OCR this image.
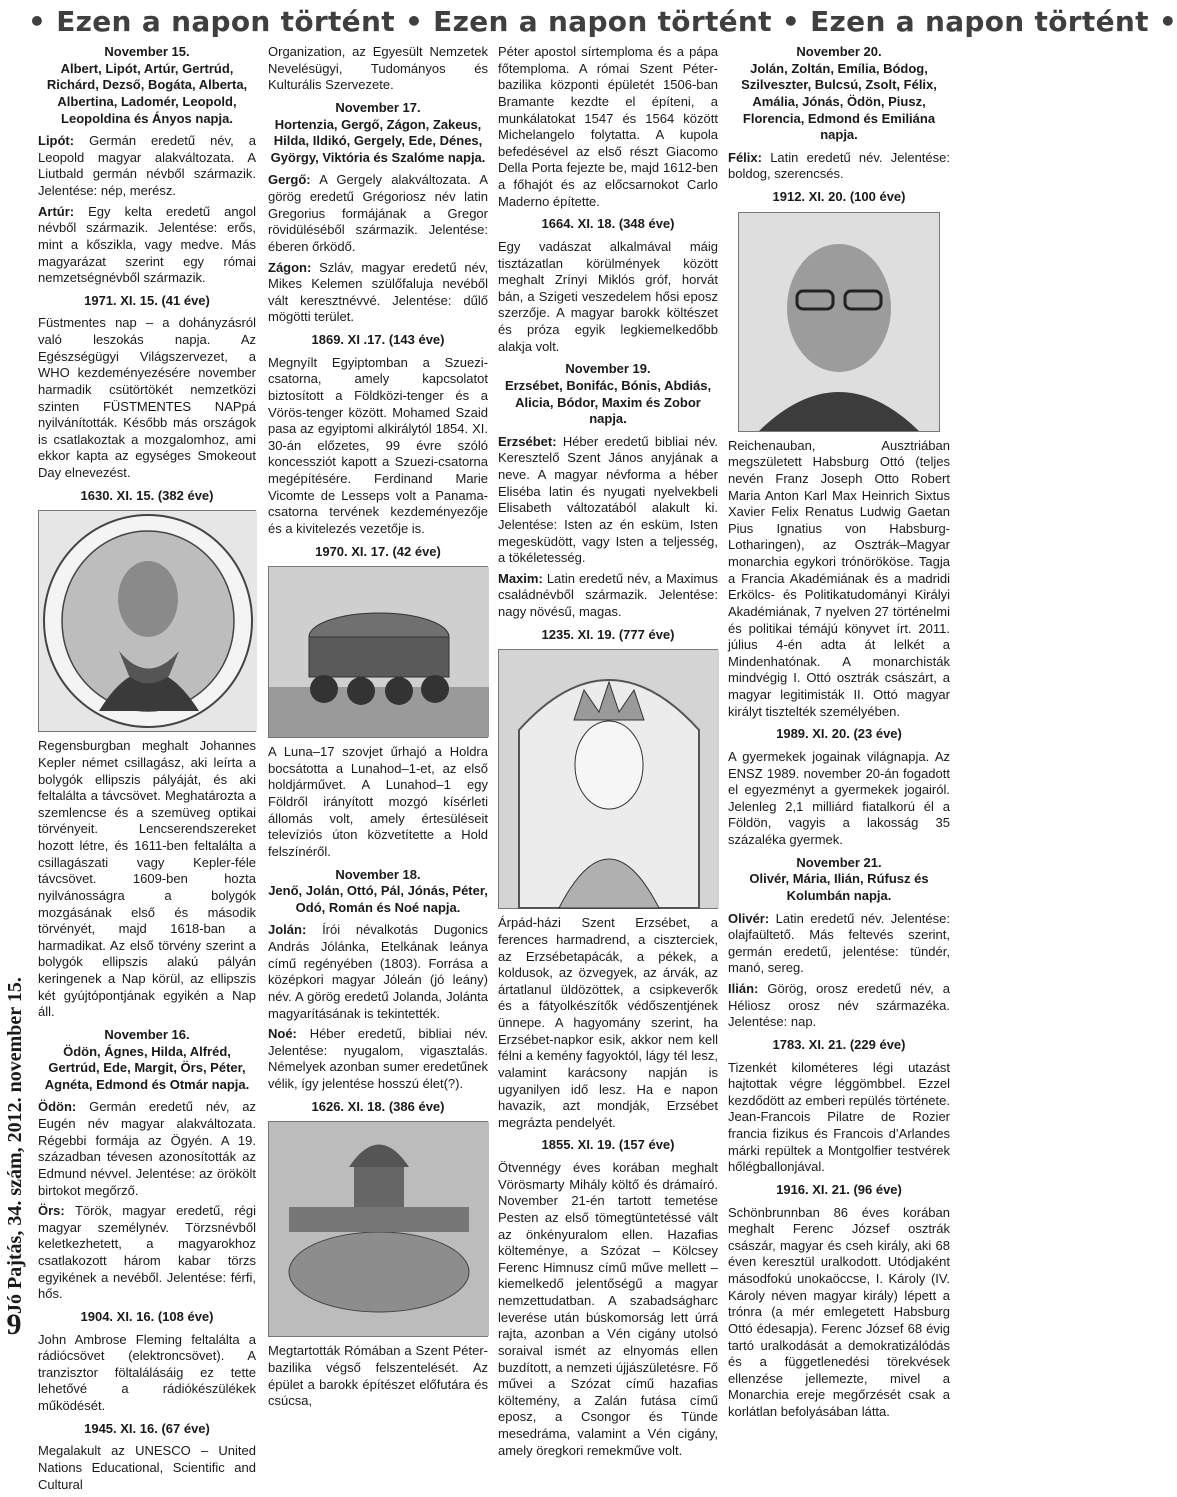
• Ezen a napon történt • Ezen a napon történt • Ezen a napon történt •
Jó Pajtás, 34. szám, 2012. november 15.
9
November 15.
Albert, Lipót, Artúr, Gertrúd, Richárd, Dezső, Bogáta, Alberta, Albertina, Ladomér, Leopold, Leopoldina és Ányos napja.

Lipót: Germán eredetű név, a Leopold magyar alakváltozata. A Liutbald germán névből származik. Jelentése: nép, merész.

Artúr: Egy kelta eredetű angol névből származik. Jelentése: erős, mint a kőszikla, vagy medve. Más magyarázat szerint egy római nemzetségnévből származik.

1971. XI. 15. (41 éve)

Füstmentes nap – a dohányzásról való leszokás napja. Az Egészségügyi Világszervezet, a WHO kezdeményezésére november harmadik csütörtökét nemzetközi szinten FÜSTMENTES NAPpá nyilvánították. Később más országok is csatlakoztak a mozgalomhoz, ami ekkor kapta az egységes Smokeout Day elnevezést.

1630. XI. 15. (382 éve)

Regensburgban meghalt Johannes Kepler német csillagász, aki leírta a bolygók ellipszis pályáját, és aki feltalálta a távcsövet. Meghatározta a szemlencse és a szemüveg optikai törvényeit. Lencserendszereket hozott létre, és 1611-ben feltalálta a csillagászati vagy Kepler-féle távcsövet. 1609-ben hozta nyilvánosságra a bolygók mozgásának első és második törvényét, majd 1618-ban a harmadikat. Az első törvény szerint a bolygók ellipszis alakú pályán keringenek a Nap körül, az ellipszis két gyújtópontjának egyikén a Nap áll.

November 16.
Ödön, Ágnes, Hilda, Alfréd, Gertrúd, Ede, Margit, Örs, Péter, Agnéta, Edmond és Otmár napja.

Ödön: Germán eredetű név, az Eugén név magyar alakváltozata. Régebbi formája az Ögyén. A 19. században tévesen azonosították az Edmund névvel. Jelentése: az örökölt birtokot megőrző.

Örs: Török, magyar eredetű, régi magyar személynév. Törzsnévből keletkezhetett, a magyarokhoz csatlakozott három kabar törzs egyikének a nevéből. Jelentése: férfi, hős.

1904. XI. 16. (108 éve)

John Ambrose Fleming feltalálta a rádiócsövet (elektroncsövet). A tranzisztor föltalálásáig ez tette lehetővé a rádiókészülékek működését.

1945. XI. 16. (67 éve)

Megalakult az UNESCO – United Nations Educational, Scientific and Cultural

Organization, az Egyesült Nemzetek Nevelésügyi, Tudományos és Kulturális Szervezete.

November 17.
Hortenzia, Gergő, Zágon, Zakeus, Hilda, Ildikó, Gergely, Ede, Dénes, György, Viktória és Szalóme napja.

Gergő: A Gergely alakváltozata. A görög eredetű Grégoriosz név latin Gregorius formájának a Gregor rövidüléséből származik. Jelentése: éberen őrködő.

Zágon: Szláv, magyar eredetű név, Mikes Kelemen szülőfaluja nevéből vált keresztnévvé. Jelentése: dűlő mögötti terület.

1869. XI .17. (143 éve)

Megnyílt Egyiptomban a Szuezi-csatorna, amely kapcsolatot biztosított a Földközi-tenger és a Vörös-tenger között. Mohamed Szaid pasa az egyiptomi alkirálytól 1854. XI. 30-án előzetes, 99 évre szóló koncessziót kapott a Szuezi-csatorna megépítésére. Ferdinand Marie Vicomte de Lesseps volt a Panama-csatorna tervének kezdeményezője és a kivitelezés vezetője is.

1970. XI. 17. (42 éve)

A Luna–17 szovjet űrhajó a Holdra bocsátotta a Lunahod–1-et, az első holdjárművet. A Lunahod–1 egy Földről irányított mozgó kísérleti állomás volt, amely értesüléseit televíziós úton közvetítette a Hold felszínéről.

November 18.
Jenő, Jolán, Ottó, Pál, Jónás, Péter, Odó, Román és Noé napja.

Jolán: Írói névalkotás Dugonics András Jólánka, Etelkának leánya című regényében (1803). Forrása a középkori magyar Jóleán (jó leány) név. A görög eredetű Jolanda, Jolánta magyarításának is tekintették.

Noé: Héber eredetű, bibliai név. Jelentése: nyugalom, vigasztalás. Némelyek azonban sumer eredetűnek vélik, így jelentése hosszú élet(?).

1626. XI. 18. (386 éve)

Megtartották Rómában a Szent Péter-bazilika végső felszentelését. Az épület a barokk építészet előfutára és csúcsa,

Péter apostol sírtemploma és a pápa főtemploma. A római Szent Péter-bazilika központi épületét 1506-ban Bramante kezdte el építeni, a munkálatokat 1547 és 1564 között Michelangelo folytatta. A kupola befedésével az első részt Giacomo Della Porta fejezte be, majd 1612-ben a főhajót és az előcsarnokot Carlo Maderno építette.

1664. XI. 18. (348 éve)

Egy vadászat alkalmával máig tisztázatlan körülmények között meghalt Zrínyi Miklós gróf, horvát bán, a Szigeti veszedelem hősi eposz szerzője. A magyar barokk költészet és próza egyik legkiemelkedőbb alakja volt.

November 19.
Erzsébet, Bonifác, Bónis, Abdiás, Alicia, Bódor, Maxim és Zobor napja.

Erzsébet: Héber eredetű bibliai név. Keresztelő Szent János anyjának a neve. A magyar névforma a héber Eliséba latin és nyugati nyelvekbeli Elisabeth változatából alakult ki. Jelentése: Isten az én esküm, Isten megesküdött, vagy Isten a teljesség, a tökéletesség.

Maxim: Latin eredetű név, a Maximus családnévből származik. Jelentése: nagy növésű, magas.

1235. XI. 19. (777 éve)

Árpád-házi Szent Erzsébet, a ferences harmadrend, a ciszterciek, az Erzsébetapácák, a pékek, a koldusok, az özvegyek, az árvák, az ártatlanul üldözöttek, a csipkeverők és a fátyolkészítők védőszentjének ünnepe. A hagyomány szerint, ha Erzsébet-napkor esik, akkor nem kell félni a kemény fagyoktól, lágy tél lesz, valamint karácsony napján is ugyanilyen idő lesz. Ha e napon havazik, azt mondják, Erzsébet megrázta pendelyét.

1855. XI. 19. (157 éve)

Ötvennégy éves korában meghalt Vörösmarty Mihály költő és drámaíró. November 21-én tartott temetése Pesten az első tömegtüntetéssé vált az önkényuralom ellen. Hazafias költeménye, a Szózat – Kölcsey Ferenc Himnusz című műve mellett – kiemelkedő jelentőségű a magyar nemzettudatban. A szabadságharc leverése után búskomorság lett úrrá rajta, azonban a Vén cigány utolsó soraival ismét az elnyomás ellen buzdított, a nemzeti újjászületésre. Fő művei a Szózat című hazafias költemény, a Zalán futása című eposz, a Csongor és Tünde mesedráma, valamint a Vén cigány, amely öregkori remekműve volt.

November 20.
Jolán, Zoltán, Emília, Bódog, Szilveszter, Bulcsú, Zsolt, Félix, Amália, Jónás, Ödön, Piusz, Florencia, Edmond és Emiliána napja.

Félix: Latin eredetű név. Jelentése: boldog, szerencsés.

1912. XI. 20. (100 éve)

Reichenauban, Ausztriában megszületett Habsburg Ottó (teljes nevén Franz Joseph Otto Robert Maria Anton Karl Max Heinrich Sixtus Xavier Felix Renatus Ludwig Gaetan Pius Ignatius von Habsburg-Lotharingen), az Osztrák–Magyar monarchia egykori trónörököse. Tagja a Francia Akadémiának és a madridi Erkölcs- és Politikatudományi Királyi Akadémiának, 7 nyelven 27 történelmi és politikai témájú könyvet írt. 2011. július 4-én adta át lelkét a Mindenhatónak. A monarchisták mindvégig I. Ottó osztrák császárt, a magyar legitimisták II. Ottó magyar királyt tisztelték személyében.

1989. XI. 20. (23 éve)

A gyermekek jogainak világnapja. Az ENSZ 1989. november 20-án fogadott el egyezményt a gyermekek jogairól. Jelenleg 2,1 milliárd fiatalkorú él a Földön, vagyis a lakosság 35 százaléka gyermek.

November 21.
Olivér, Mária, Ilián, Rúfusz és Kolumbán napja.

Olivér: Latin eredetű név. Jelentése: olajfaültető. Más feltevés szerint, germán eredetű, jelentése: tündér, manó, sereg.

Ilián: Görög, orosz eredetű név, a Héliosz orosz név származéka. Jelentése: nap.

1783. XI. 21. (229 éve)

Tizenkét kilométeres légi utazást hajtottak végre léggömbbel. Ezzel kezdődött az emberi repülés története. Jean-Francois Pilatre de Rozier francia fizikus és Francois d’Arlandes márki repültek a Montgolfier testvérek hőlégballonjával.

1916. XI. 21. (96 éve)

Schönbrunnban 86 éves korában meghalt Ferenc József osztrák császár, magyar és cseh király, aki 68 éven keresztül uralkodott. Utódjaként másodfokú unokaöccse, I. Károly (IV. Károly néven magyar király) lépett a trónra (a mér emlegetett Habsburg Ottó édesapja). Ferenc József 68 évig tartó uralkodását a demokratizálódás és a függetlenedési törekvések ellenzése jellemezte, mivel a Monarchia ereje megőrzését csak a korlátlan befolyásában látta.
